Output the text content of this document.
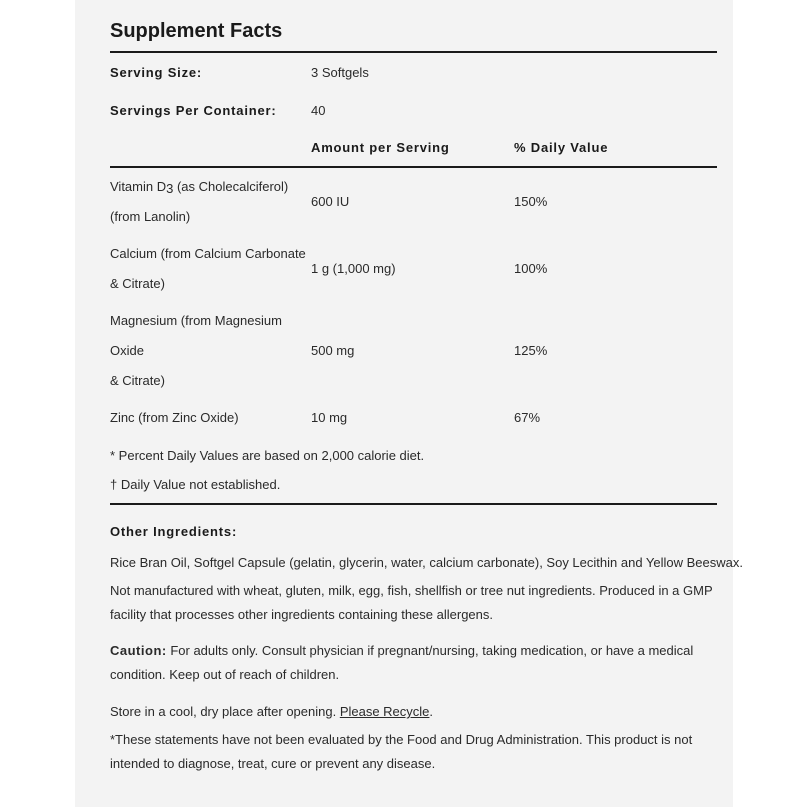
Supplement Facts
Serving Size:	3 Softgels
Servings Per Container:	40
Amount per Serving	% Daily Value
Vitamin D3 (as Cholecalciferol)
(from Lanolin)
600 IU	150%
Calcium (from Calcium Carbonate
& Citrate)
1 g (1,000 mg)	100%
Magnesium (from Magnesium
Oxide
& Citrate)
500 mg	125%
Zinc (from Zinc Oxide)	10 mg	67%
* Percent Daily Values are based on 2,000 calorie diet.
† Daily Value not established.
Other Ingredients:
Rice Bran Oil, Softgel Capsule (gelatin, glycerin, water, calcium carbonate), Soy Lecithin and Yellow Beeswax.
Not manufactured with wheat, gluten, milk, egg, fish, shellfish or tree nut ingredients. Produced in a GMP
facility that processes other ingredients containing these allergens.
Caution: For adults only. Consult physician if pregnant/nursing, taking medication, or have a medical
condition. Keep out of reach of children.
Store in a cool, dry place after opening. Please Recycle.
*These statements have not been evaluated by the Food and Drug Administration. This product is not
intended to diagnose, treat, cure or prevent any disease.
